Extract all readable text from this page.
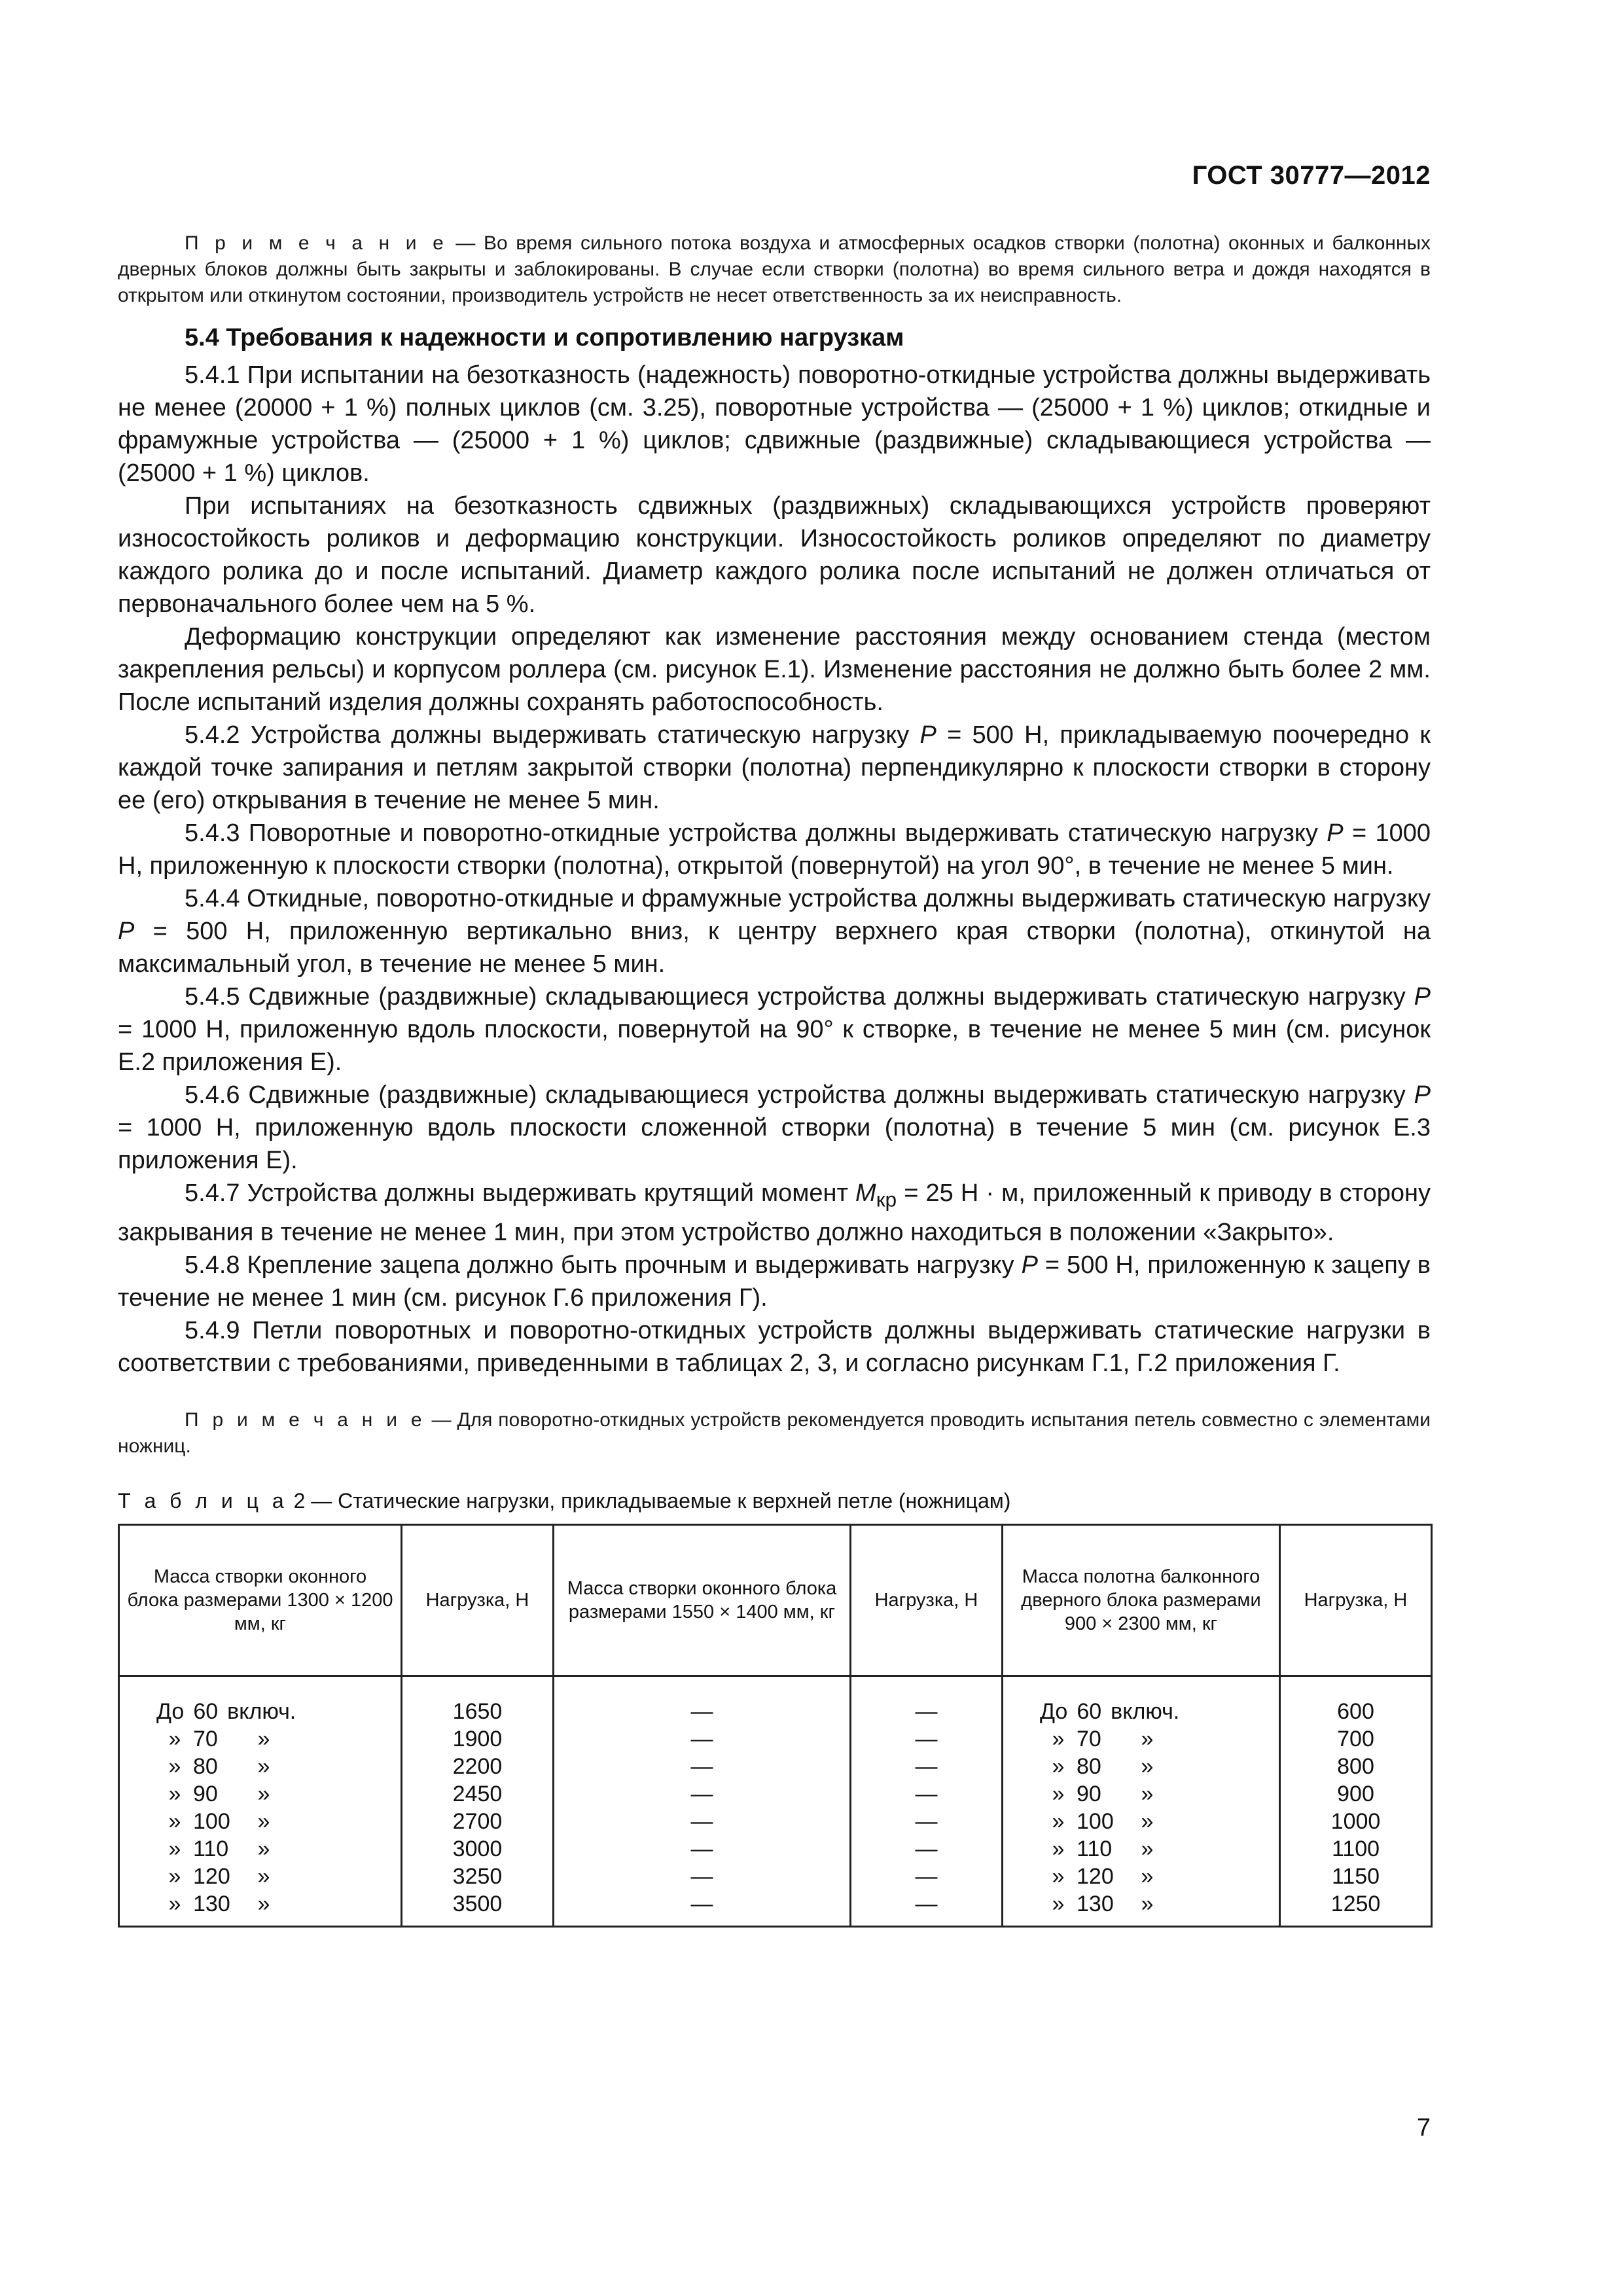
ГОСТ 30777—2012

П р и м е ч а н и е — Во время сильного потока воздуха и атмосферных осадков створки (полотна) оконных и балконных дверных блоков должны быть закрыты и заблокированы. В случае если створки (полотна) во время сильного ветра и дождя находятся в открытом или откинутом состоянии, производитель устройств не несет ответственность за их неисправность.

5.4 Требования к надежности и сопротивлению нагрузкам

5.4.1 При испытании на безотказность (надежность) поворотно-откидные устройства должны выдерживать не менее (20000 + 1 %) полных циклов (см. 3.25), поворотные устройства — (25000 + 1 %) циклов; откидные и фрамужные устройства — (25000 + 1 %) циклов; сдвижные (раздвижные) складывающиеся устройства — (25000 + 1 %) циклов.

При испытаниях на безотказность сдвижных (раздвижных) складывающихся устройств проверяют износостойкость роликов и деформацию конструкции. Износостойкость роликов определяют по диаметру каждого ролика до и после испытаний. Диаметр каждого ролика после испытаний не должен отличаться от первоначального более чем на 5 %.

Деформацию конструкции определяют как изменение расстояния между основанием стенда (местом закрепления рельсы) и корпусом роллера (см. рисунок Е.1). Изменение расстояния не должно быть более 2 мм. После испытаний изделия должны сохранять работоспособность.

5.4.2 Устройства должны выдерживать статическую нагрузку P = 500 Н, прикладываемую поочередно к каждой точке запирания и петлям закрытой створки (полотна) перпендикулярно к плоскости створки в сторону ее (его) открывания в течение не менее 5 мин.

5.4.3 Поворотные и поворотно-откидные устройства должны выдерживать статическую нагрузку P = 1000 Н, приложенную к плоскости створки (полотна), открытой (повернутой) на угол 90°, в течение не менее 5 мин.

5.4.4 Откидные, поворотно-откидные и фрамужные устройства должны выдерживать статическую нагрузку P = 500 Н, приложенную вертикально вниз, к центру верхнего края створки (полотна), откинутой на максимальный угол, в течение не менее 5 мин.

5.4.5 Сдвижные (раздвижные) складывающиеся устройства должны выдерживать статическую нагрузку P = 1000 Н, приложенную вдоль плоскости, повернутой на 90° к створке, в течение не менее 5 мин (см. рисунок Е.2 приложения Е).

5.4.6 Сдвижные (раздвижные) складывающиеся устройства должны выдерживать статическую нагрузку P = 1000 Н, приложенную вдоль плоскости сложенной створки (полотна) в течение 5 мин (см. рисунок Е.3 приложения Е).

5.4.7 Устройства должны выдерживать крутящий момент $M_{кр} = 25$ Н · м, приложенный к приводу в сторону закрывания в течение не менее 1 мин, при этом устройство должно находиться в положении «Закрыто».

5.4.8 Крепление зацепа должно быть прочным и выдерживать нагрузку P = 500 Н, приложенную к зацепу в течение не менее 1 мин (см. рисунок Г.6 приложения Г).

5.4.9 Петли поворотных и поворотно-откидных устройств должны выдерживать статические нагрузки в соответствии с требованиями, приведенными в таблицах 2, 3, и согласно рисункам Г.1, Г.2 приложения Г.

П р и м е ч а н и е — Для поворотно-откидных устройств рекомендуется проводить испытания петель совместно с элементами ножниц.

Т а б л и ц а 2 — Статические нагрузки, прикладываемые к верхней петле (ножницам)

Масса створки оконного блока размерами 1300 × 1200 мм, кг	Нагрузка, Н	Масса створки оконного блока размерами 1550 × 1400 мм, кг	Нагрузка, Н	Масса полотна балконного дверного блока размерами 900 × 2300 мм, кг	Нагрузка, Н
До 60 включ.	1650	—	—	До 60 включ.	600
» 70 »	1900	—	—	» 70 »	700
» 80 »	2200	—	—	» 80 »	800
» 90 »	2450	—	—	» 90 »	900
» 100 »	2700	—	—	» 100 »	1000
» 110 »	3000	—	—	» 110 »	1100
» 120 »	3250	—	—	» 120 »	1150
» 130 »	3500	—	—	» 130 »	1250
7
